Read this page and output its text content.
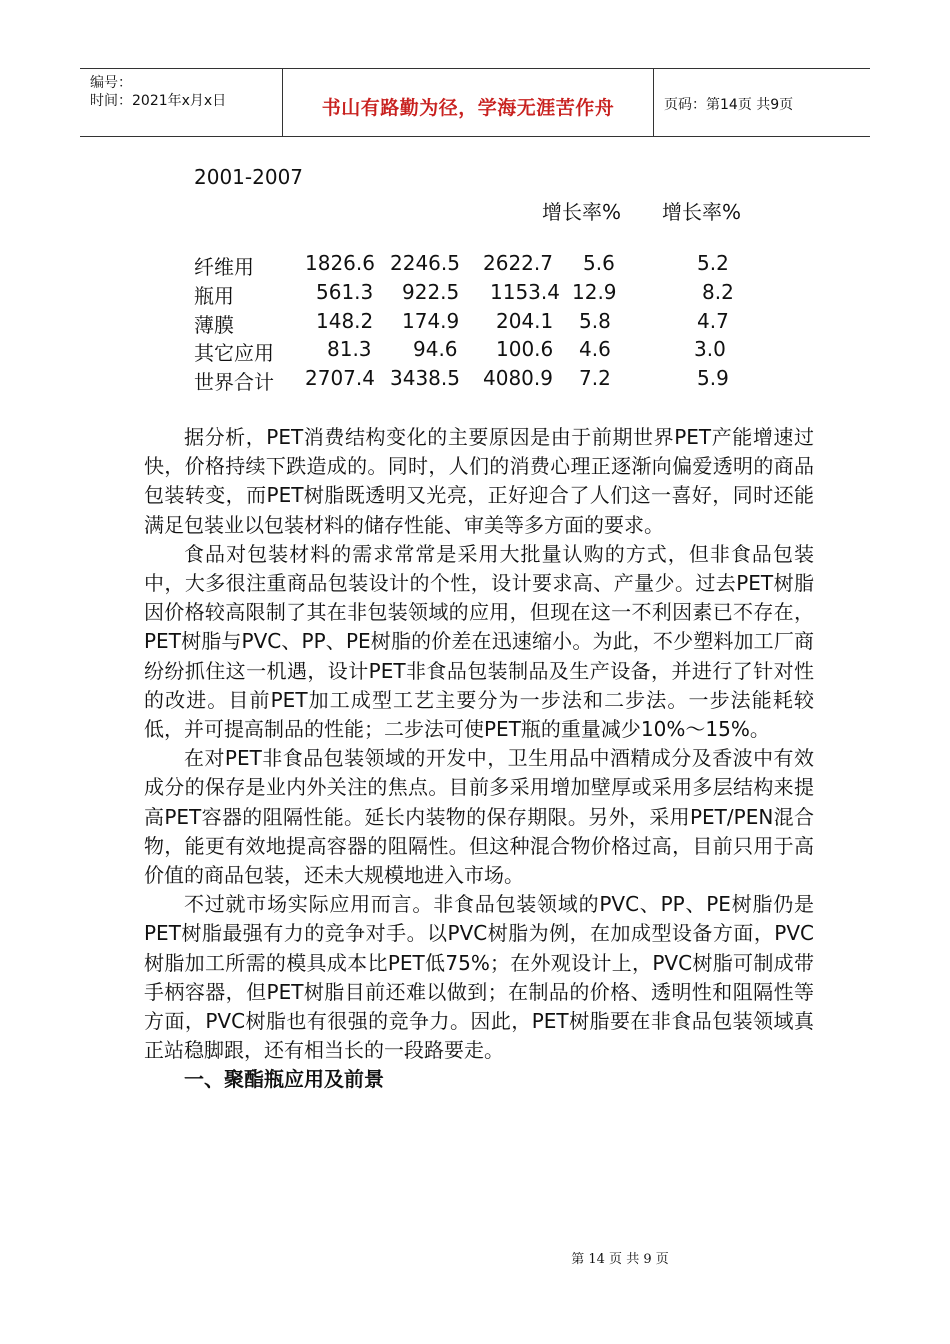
编号：
时间：2021年x月x日	书山有路勤为径，学海无涯苦作舟	页码：第14页 共9页
2001-2007
增长率% 增长率%
纤维用	1826.6 2246.5 2622.7 5.6	5.2
瓶用	561.3 922.5 1153.4 12.9	8.2
薄膜	148.2 174.9 204.1 5.8	4.7
其它应用	81.3 94.6 100.6 4.6	3.0
世界合计 2707.4 3438.5 4080.9 7.2	5.9

据分析，PET消费结构变化的主要原因是由于前期世界PET产能增速过快，价格持续下跌造成的。同时，人们的消费心理正逐渐向偏爱透明的商品包装转变，而PET树脂既透明又光亮，正好迎合了人们这一喜好，同时还能满足包装业以包装材料的储存性能、审美等多方面的要求。

食品对包装材料的需求常常是采用大批量认购的方式，但非食品包装中，大多很注重商品包装设计的个性，设计要求高、产量少。过去PET树脂因价格较高限制了其在非包装领域的应用，但现在这一不利因素已不存在，PET树脂与PVC、PP、PE树脂的价差在迅速缩小。为此，不少塑料加工厂商纷纷抓住这一机遇，设计PET非食品包装制品及生产设备，并进行了针对性的改进。目前PET加工成型工艺主要分为一步法和二步法。一步法能耗较低，并可提高制品的性能；二步法可使PET瓶的重量减少10%～15%。

在对PET非食品包装领域的开发中，卫生用品中酒精成分及香波中有效成分的保存是业内外关注的焦点。目前多采用增加壁厚或采用多层结构来提高PET容器的阻隔性能。延长内装物的保存期限。另外，采用PET/PEN混合物，能更有效地提高容器的阻隔性。但这种混合物价格过高，目前只用于高价值的商品包装，还未大规模地进入市场。

不过就市场实际应用而言。非食品包装领域的PVC、PP、PE树脂仍是PET树脂最强有力的竞争对手。以PVC树脂为例，在加成型设备方面，PVC树脂加工所需的模具成本比PET低75%；在外观设计上，PVC树脂可制成带手柄容器，但PET树脂目前还难以做到；在制品的价格、透明性和阻隔性等方面，PVC树脂也有很强的竞争力。因此，PET树脂要在非食品包装领域真正站稳脚跟，还有相当长的一段路要走。

一、聚酯瓶应用及前景

第 14 页 共 9 页
